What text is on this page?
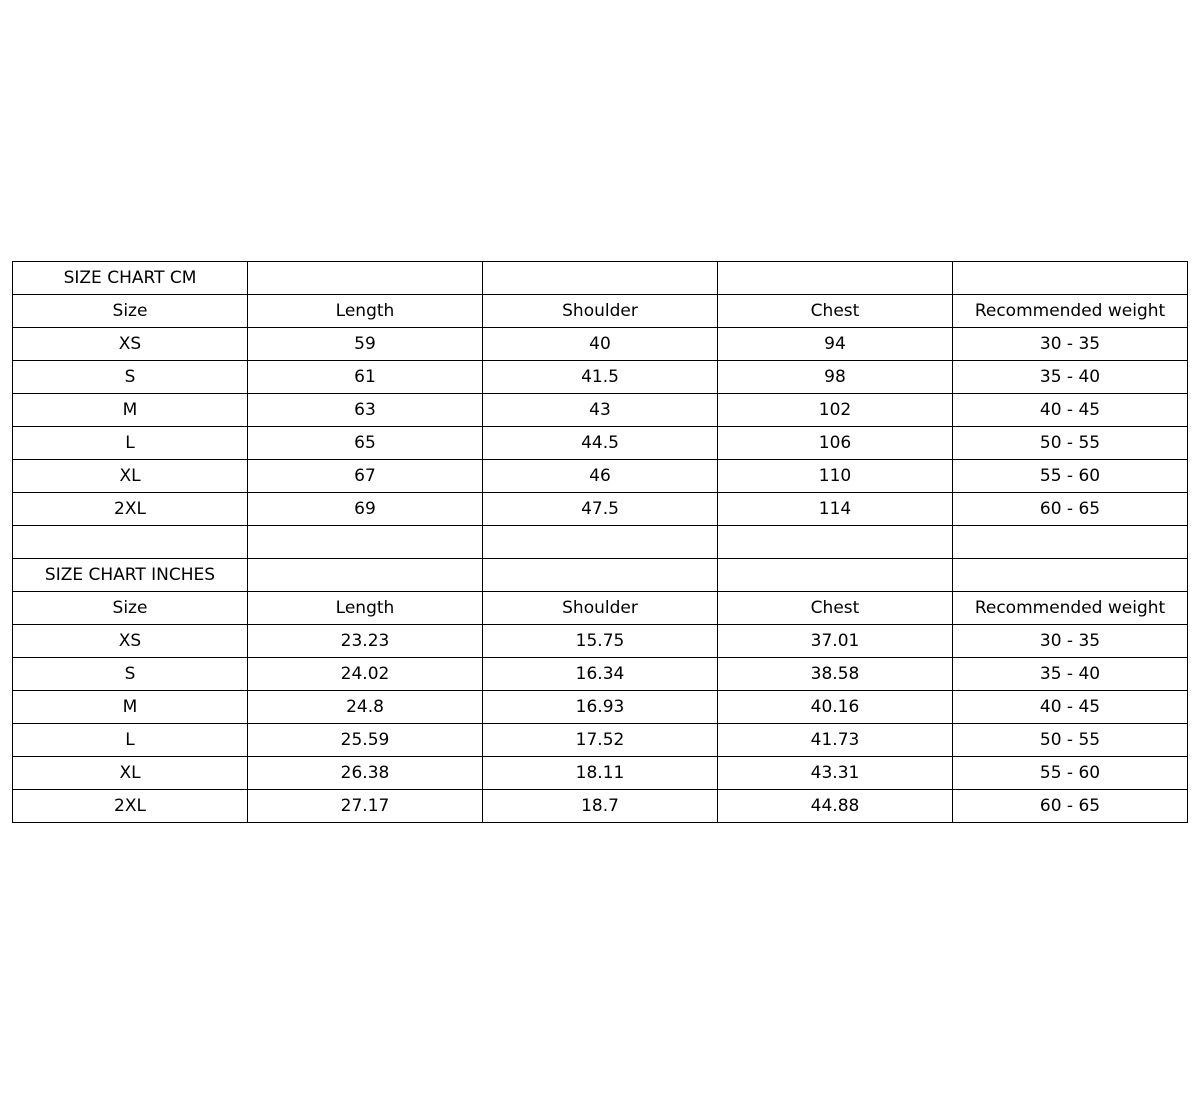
SIZE CHART CM				
Size	Length	Shoulder	Chest	Recommended weight
XS	59	40	94	30 - 35
S	61	41.5	98	35 - 40
M	63	43	102	40 - 45
L	65	44.5	106	50 - 55
XL	67	46	110	55 - 60
2XL	69	47.5	114	60 - 65

SIZE CHART INCHES				
Size	Length	Shoulder	Chest	Recommended weight
XS	23.23	15.75	37.01	30 - 35
S	24.02	16.34	38.58	35 - 40
M	24.8	16.93	40.16	40 - 45
L	25.59	17.52	41.73	50 - 55
XL	26.38	18.11	43.31	55 - 60
2XL	27.17	18.7	44.88	60 - 65
